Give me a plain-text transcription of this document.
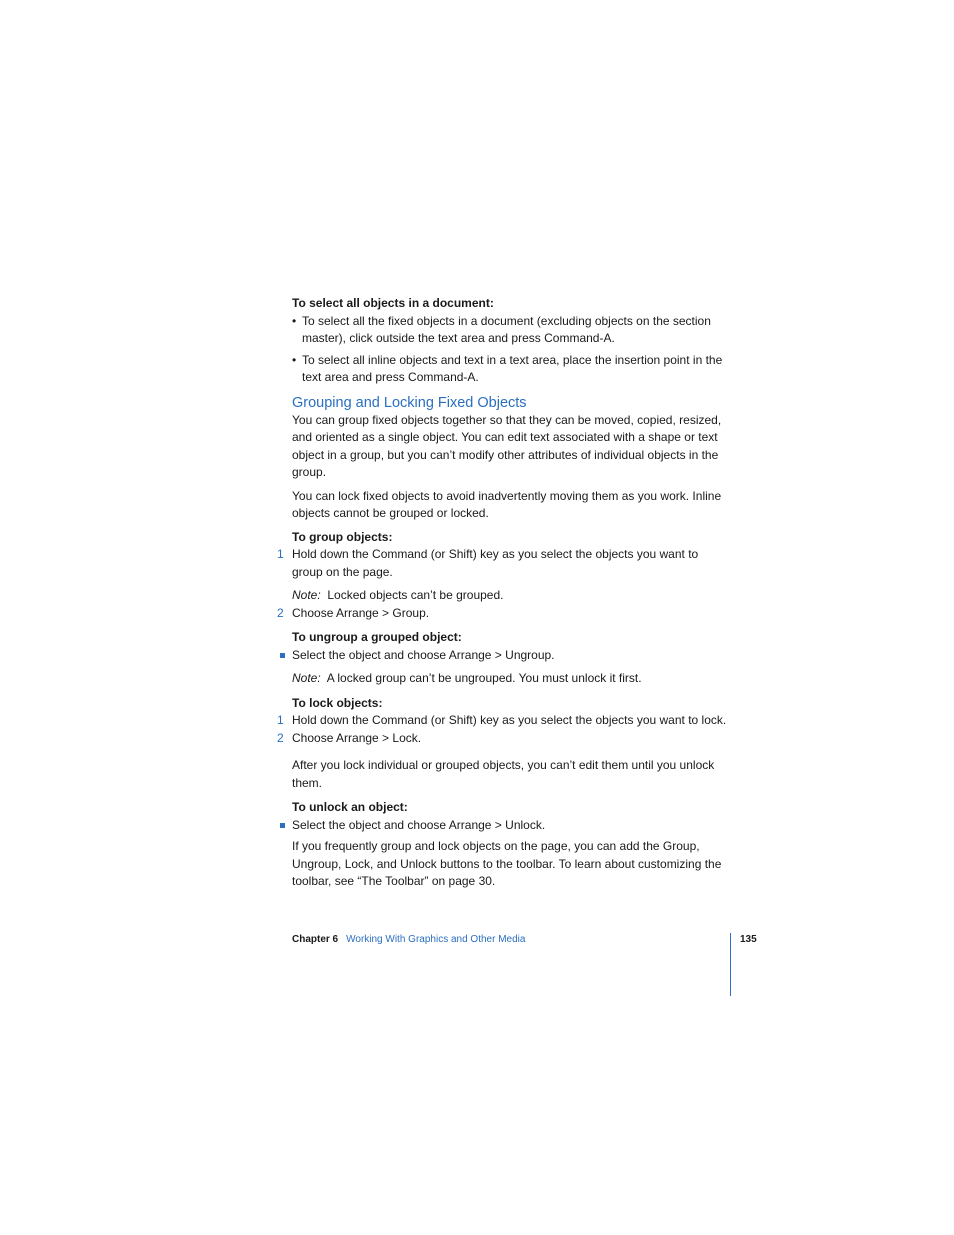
To select all objects in a document:

• To select all the fixed objects in a document (excluding objects on the section master), click outside the text area and press Command-A.

• To select all inline objects and text in a text area, place the insertion point in the text area and press Command-A.

Grouping and Locking Fixed Objects

You can group fixed objects together so that they can be moved, copied, resized, and oriented as a single object. You can edit text associated with a shape or text object in a group, but you can’t modify other attributes of individual objects in the group.

You can lock fixed objects to avoid inadvertently moving them as you work. Inline objects cannot be grouped or locked.

To group objects:

1 Hold down the Command (or Shift) key as you select the objects you want to group on the page.

Note: Locked objects can’t be grouped.

2 Choose Arrange > Group.

To ungroup a grouped object:

Select the object and choose Arrange > Ungroup.

Note: A locked group can’t be ungrouped. You must unlock it first.

To lock objects:

1 Hold down the Command (or Shift) key as you select the objects you want to lock.
2 Choose Arrange > Lock.

After you lock individual or grouped objects, you can’t edit them until you unlock them.

To unlock an object:

Select the object and choose Arrange > Unlock.

If you frequently group and lock objects on the page, you can add the Group, Ungroup, Lock, and Unlock buttons to the toolbar. To learn about customizing the toolbar, see “The Toolbar” on page 30.

Chapter 6 Working With Graphics and Other Media	135
